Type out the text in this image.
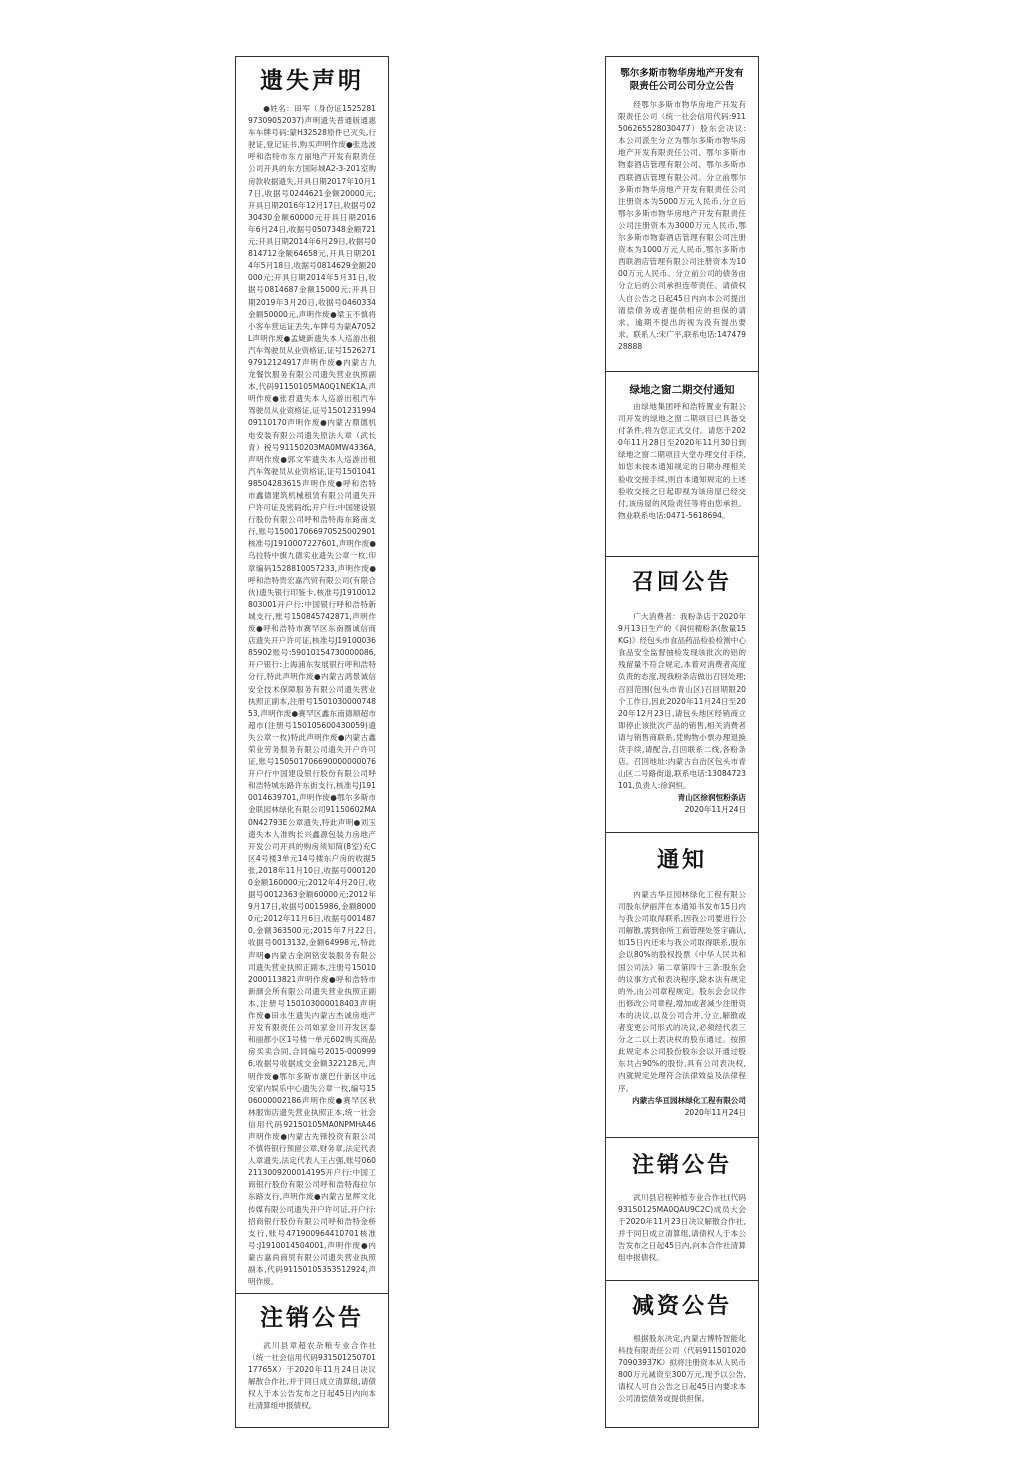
遗失声明

●姓名：田军（身份证152528197309052037)声明遗失普通版通惠车车牌号码:蒙H32528原件已灭失,行驶证,登记证书,购买声明作废●张选波呼和浩特市东方丽地产开发有限责任公司开具的东方国际城A2-3-201室购房款收据遗失,开具日期2017年10月17日,收据号0244621金额20000元;开具日期2016年12月17日,收据号0230430金额60000元开具日期2016年6月24日,收据号0507348金额721元;开具日期2014年6月29日,收据号0814712金额64658元,开具日期2014年5月18日,收据号0814629金额20000元;开具日期2014年5月31日,收据号0814687金额15000元;开具日期2019年3月20日,收据号0460334金额50000元,声明作废●梁玉不慎将小客车营运证丢失,车牌号为蒙A7052L声明作废●孟婕新遗失本人巡游出租汽车驾驶员从业资格证,证号152627197912124917声明作废●内蒙古九龙餐饮服务有限公司遗失营业执照副本,代码91150105MA0Q1NEK1A,声明作废●张君遗失本人巡游出租汽车驾驶员从业资格证,证号150123199409110170声明作废●内蒙古鼎德机电安装有限公司遗失原法人章（武长青）税号91150203MA0MW4336A,声明作废●郭文军遗失本人巡游出租汽车驾驶员从业资格证,证号150104198504283615声明作废●呼和浩特市鑫德建筑机械租赁有限公司遗失开户许可证及密码纸;开户行:中国建设银行股份有限公司呼和浩特海东路南支行,账号150017066970525002901核准号J1910007227601,声明作废●乌拉特中旗九德实业遗失公章一枚,印章编码1528810057233,声明作废●呼和浩特贵宏嘉汽贸有限公司(有限合伙)遗失银行印鉴卡,核准号J1910012803001开户行:中国银行呼和浩特新城支行,账号150845742871,声明作废●呼和浩特市赛罕区东南圈诚信商店遗失开户许可证,核准号J1910003685902账号:59010154730000086,开户银行:上海浦东发展银行呼和浩特分行,特此声明作废●内蒙古鸿景诚信安全技术保障服务有限公司遗失营业执照正副本,注册号150103000074853,声明作废●赛罕区鑫东南德顺超市超市(注册号150105600430059)遗失公章一枚)特此声明作废●内蒙古鑫荣业劳务服务有限公司遗失开户许可证,账号150501706690000000076开户行中国建设银行股份有限公司呼和浩特城东路许东街支行,核准号J1910014639701,声明作废●鄂尔多斯市金联园林绿化有限公司91150602MA0N42793E公章遗失,特此声明●刘玉遗失本人准购长兴鑫源包装力房地产开发公司开具的购房须知简(8室)充C区4号楼3单元14号楼东户房的收据5张,2018年11月10日,收据号0001200金额160000元;2012年4月20日,收据号0012363金额60000元;2012年9月17日,收据号0015986,金额80000元;2012年11月6日,收据号0014870,金额363500元;2015年7月22日,收据号0013132,金额64998元,特此声明●内蒙古金润铭安装服务有限公司遗失营业执照正副本,注册号150102000113821声明作废●呼和浩特市新颜会所有限公司遗失营业执照正副本,注册号150103000018403声明作废●田永生遗失内蒙古杰诚房地产开发有限责任公司如家金川开发区泰和丽都小区1号楼一单元602购买商品房买卖合同,合同编号2015-0009996,收据号收据成交金额322128元,声明作废●鄂尔多斯市康巴什新区中远安家内娱乐中心遗失公章一枚,编号1506000002186声明作废●赛罕区秋林服饰店遗失营业执照正本,统一社会信用代码92150105MA0NPMHA46声明作废●内蒙古先锋投资有限公司不慎将银行预留公章,财务章,法定代表人章遗失,法定代表人王占强,账号0602113009200014195开户行:中国工商银行股份有限公司呼和浩特海拉尔东路支行,声明作废●内蒙古星辉文化传媒有限公司遗失开户许可证,开户行:招商银行股份有限公司呼和浩特金桥支行,账号471900964410701核准号:J1910014504001,声明作废●内蒙古嘉尚商贸有限公司遗失营业执照副本,代码91150105353512924,声明作废。

注销公告

武川县章超农杂粮专业合作社（统一社会信用代码93150125070117765X）于2020年11月24日决议解散合作社,并于同日成立清算组,请债权人于本公告发布之日起45日内向本社清算组申报债权。

鄂尔多斯市物华房地产开发有限责任公司公司分立公告

经鄂尔多斯市物华房地产开发有限责任公司（统一社会信用代码:911506265528030477）股东会决议:本公司派生分立为鄂尔多斯市物华房地产开发有限责任公司、鄂尔多斯市物泰酒店管理有限公司、鄂尔多斯市西联酒店管理有限公司。分立前鄂尔多斯市物华房地产开发有限责任公司注册资本为5000万元人民币,分立后鄂尔多斯市物华房地产开发有限责任公司注册资本为3000万元人民币,鄂尔多斯市物泰酒店管理有限公司注册资本为1000万元人民币,鄂尔多斯市西联酒店管理有限公司注册资本为1000万元人民币。分立前公司的债务由分立后的公司承担连带责任。请债权人自公告之日起45日内向本公司提出清偿债务或者提供相应的担保的请求。逾期不提出的视为没有提出要求。联系人:宋广平,联系电话:14747928888

绿地之窗二期交付通知

由绿地集团呼和浩特置业有限公司开发的绿地之窗二期项目已具备交付条件,将为您正式交付。请您于2020年11月28日至2020年11月30日到绿地之窗二期项目大堂办理交付手续,如您未按本通知规定的日期办理相关验收交接手续,则自本通知规定的上述验收交接之日起即视为该房屋已经交付,该房屋的风险责任等将由您承担。物业联系电话:0471-5618694。

召回公告

广大消费者：我粉条店于2020年9月13日生产的《润恒精粉条(散量15KG)》经包头市食品药品检验检测中心食品安全监督抽检发现该批次的铝的残留量不符合规定,本着对消费者高度负责的态度,现我粉条店做出召回处理;召回范围(包头市青山区)召回期限20个工作日,因此2020年11月24日至2020年12月23日,请包头地区经销商立即停止该批次产品的销售,相关消费者请与销售商联系,凭购物小票办理退换货手续,请配合,召回联系二线,各粉条店。召回地址:内蒙古自治区包头市青山区二号路街道,联系电话:13084723101,负责人:徐润恒。

青山区徐润恒粉条店

2020年11月24日

通知

内蒙古华亘园林绿化工程有限公司股东伊丽萍在本通知书发布15日内与我公司取得联系,因我公司要进行公司解散,需到你所工商管理处签字确认,如15日内还未与我公司取得联系,股东会以80%的股权投票《中华人民共和国公司法》第二章第四十三条:股东会的议事方式和表决程序,除本法有规定的外,由公司章程规定。股东会会议作出修改公司章程,增加或者减少注册资本的决议,以及公司合并,分立,解散或者变更公司形式的决议,必须经代表三分之二以上表决权的股东通过。按照此规定本公司股份股东会以开通过股东共占90%的股份,具有公司表决权,内就规定处理符合法律效益及法律程序。

内蒙古华亘园林绿化工程有限公司

2020年11月24日

注销公告

武川县启程种植专业合作社(代码93150125MA0QAU9C2C)成员大会于2020年11月23日决议解散合作社,并于同日成立清算组,请债权人于本公告发布之日起45日内,向本合作社清算组申报债权。

减资公告

根据股东决定,内蒙古博特智能化科技有限责任公司（代码91150102070903937K）拟将注册资本从人民币800万元减资至300万元,现予以公告,请权人可自公告之日起45日内要求本公司清偿债务或提供担保。
